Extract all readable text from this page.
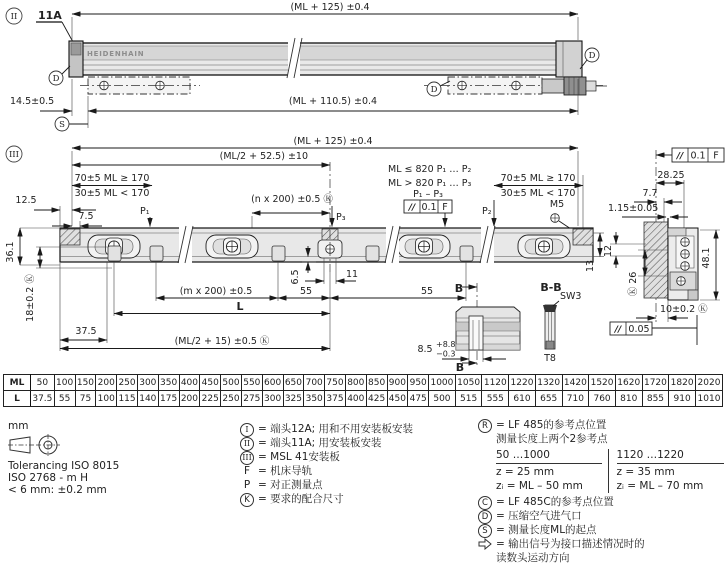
II 11A
(ML + 125) ±0.4
HEIDENHAIN
14.5±0.5	(ML + 110.5) ±0.4
D
D
D
S
III
(ML + 125) ±0.4
(ML/2 + 52.5) ±10
70±5 ML ≥ 170
30±5 ML < 170
70±5 ML ≥ 170
30±5 ML < 170
12.5
7.5	P₁
P₃
P₂
(n x 200) ±0.5 Ⓚ
ML ≤ 820 P₁ … P₂
ML > 820 P₁ … P₃
P₁ – P₃
// 0.1 F	M5
36.1
18±0.2 Ⓚ	6.5	11
(m x 200) ±0.5	55	55
L
37.5
(ML/2 + 15) ±0.5 Ⓚ
13
B
B
8.5 +8.8
−0.3
B-B
SW3
T8
// 0.1 F
28.25
7.7
1.15±0.05
48.1
12
Ⓚ 26
10±0.2 Ⓚ
// 0.05
ML	50	100	150	200	250	300	350	400	450	500	550	600	650	700	750	800	850	900	950	1000	1050	1120	1220	1320	1420	1520	1620	1720	1820	2020
L	37.5	55	75	100	115	140	175	200	225	250	275	300	325	350	375	400	425	450	475	500	515	555	610	655	710	760	810	855	910	1010
mm
Tolerancing ISO 8015
ISO 2768 - m H
< 6 mm: ±0.2 mm
I = 端头12A; 用和不用安装板安装
II = 端头11A; 用安装板安装
III = MSL 41安装板
F = 机床导轨
P = 对正测量点
K = 要求的配合尺寸
R = LF 485的参考点位置
测量长度上两个2参考点
50 …1000
z = 25 mm
zᵢ = ML – 50 mm
1120 …1220
z = 35 mm
zᵢ = ML – 70 mm
C = LF 485C的参考点位置
D = 压缩空气进气口
S = 测量长度ML的起点
= 输出信号为接口描述情况时的
读数头运动方向
